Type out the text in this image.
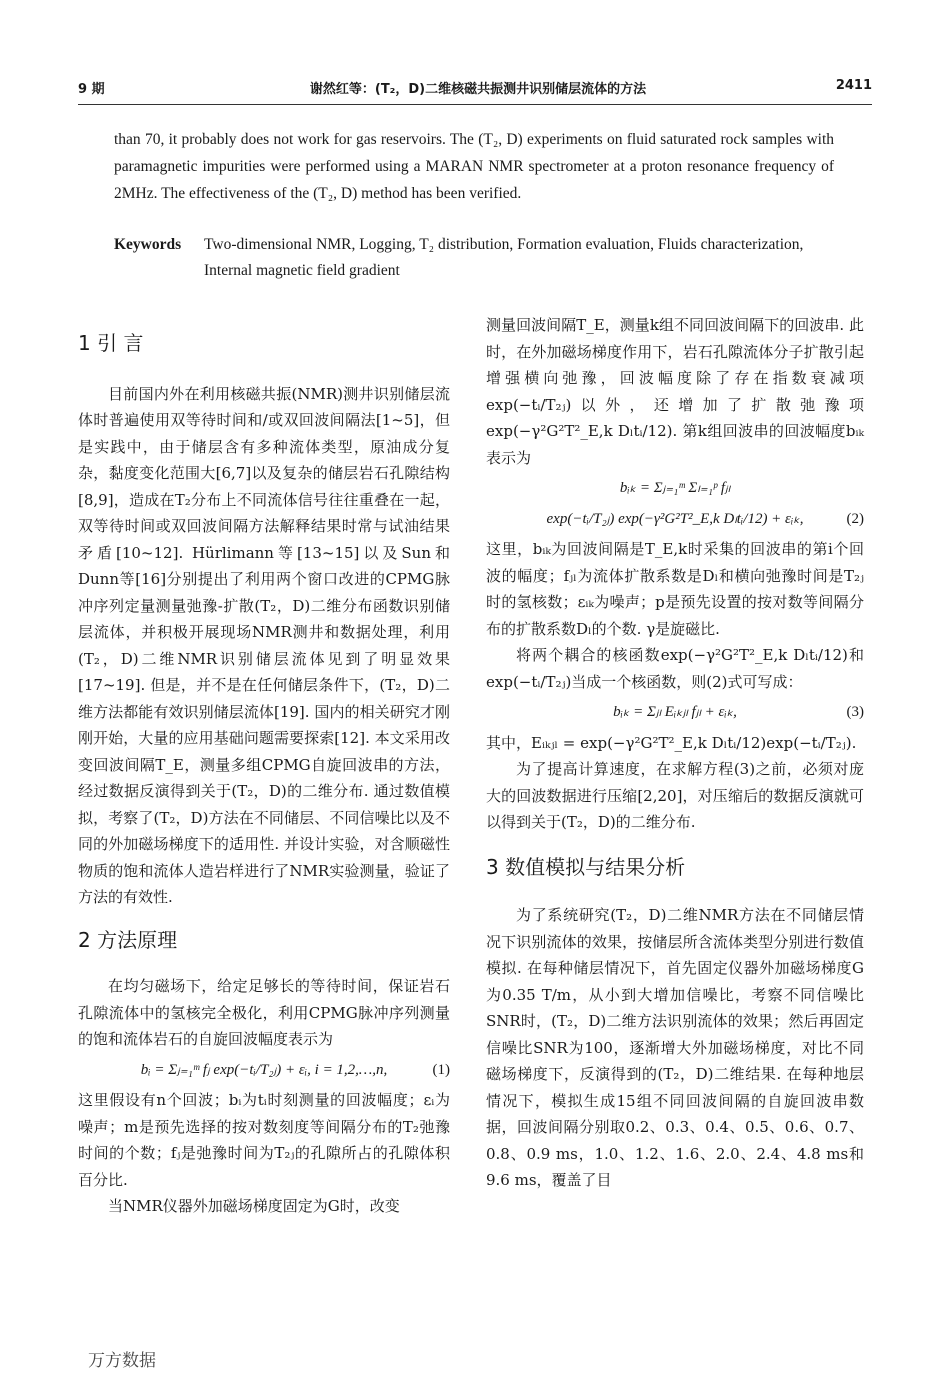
9 期	谢然红等：(T₂，D)二维核磁共振测井识别储层流体的方法	2411

than 70, it probably does not work for gas reservoirs. The (T₂, D) experiments on fluid saturated rock samples with paramagnetic impurities were performed using a MARAN NMR spectrometer at a proton resonance frequency of 2MHz. The effectiveness of the (T₂, D) method has been verified.

Keywords Two-dimensional NMR, Logging, T₂ distribution, Formation evaluation, Fluids characterization, Internal magnetic field gradient
1 引 言

目前国内外在利用核磁共振(NMR)测井识别储层流体时普遍使用双等待时间和/或双回波间隔法[1~5]，但是实践中，由于储层含有多种流体类型，原油成分复杂，黏度变化范围大[6,7]以及复杂的储层岩石孔隙结构[8,9]，造成在T₂分布上不同流体信号往往重叠在一起，双等待时间或双回波间隔方法解释结果时常与试油结果矛盾[10~12]. Hürlimann等[13~15]以及Sun和Dunn等[16]分别提出了利用两个窗口改进的CPMG脉冲序列定量测量弛豫-扩散(T₂，D)二维分布函数识别储层流体，并积极开展现场NMR测井和数据处理，利用(T₂，D)二维NMR识别储层流体见到了明显效果[17~19]. 但是，并不是在任何储层条件下，(T₂，D)二维方法都能有效识别储层流体[19]. 国内的相关研究才刚刚开始，大量的应用基础问题需要探索[12]. 本文采用改变回波间隔T_E，测量多组CPMG自旋回波串的方法，经过数据反演得到关于(T₂，D)的二维分布. 通过数值模拟，考察了(T₂，D)方法在不同储层、不同信噪比以及不同的外加磁场梯度下的适用性. 并设计实验，对含顺磁性物质的饱和流体人造岩样进行了NMR实验测量，验证了方法的有效性.

2 方法原理

在均匀磁场下，给定足够长的等待时间，保证岩石孔隙流体中的氢核完全极化，利用CPMG脉冲序列测量的饱和流体岩石的自旋回波幅度表示为

bᵢ = Σⱼ₌₁ᵐ fⱼ exp(−tᵢ/T₂ⱼ) + εᵢ, i = 1,2,…,n,	(1)

这里假设有n个回波；bᵢ为tᵢ时刻测量的回波幅度；εᵢ为噪声；m是预先选择的按对数刻度等间隔分布的T₂弛豫时间的个数；fⱼ是弛豫时间为T₂ⱼ的孔隙所占的孔隙体积百分比.

当NMR仪器外加磁场梯度固定为G时，改变

测量回波间隔T_E，测量k组不同回波间隔下的回波串. 此时，在外加磁场梯度作用下，岩石孔隙流体分子扩散引起增强横向弛豫，回波幅度除了存在指数衰减项exp(−tᵢ/T₂ⱼ)以外，还增加了扩散弛豫项exp(−γ²G²T²_E,k Dₗtᵢ/12). 第k组回波串的回波幅度bᵢₖ表示为

bᵢₖ = Σⱼ₌₁ᵐ Σₗ₌₁ᵖ fⱼₗ
exp(−tᵢ/T₂ⱼ) exp(−γ²G²T²_E,k Dₗtᵢ/12) + εᵢₖ,	(2)

这里，bᵢₖ为回波间隔是T_E,k时采集的回波串的第i个回波的幅度；fⱼₗ为流体扩散系数是Dₗ和横向弛豫时间是T₂ⱼ时的氢核数；εᵢₖ为噪声；p是预先设置的按对数等间隔分布的扩散系数Dₗ的个数. γ是旋磁比.

将两个耦合的核函数exp(−γ²G²T²_E,k Dₗtᵢ/12)和exp(−tᵢ/T₂ⱼ)当成一个核函数，则(2)式可写成：

bᵢₖ = Σⱼₗ Eᵢₖⱼₗ fⱼₗ + εᵢₖ,	(3)

其中，Eᵢₖⱼₗ = exp(−γ²G²T²_E,k Dₗtᵢ/12)exp(−tᵢ/T₂ⱼ).

为了提高计算速度，在求解方程(3)之前，必须对庞大的回波数据进行压缩[2,20]，对压缩后的数据反演就可以得到关于(T₂，D)的二维分布.

3 数值模拟与结果分析

为了系统研究(T₂，D)二维NMR方法在不同储层情况下识别流体的效果，按储层所含流体类型分别进行数值模拟. 在每种储层情况下，首先固定仪器外加磁场梯度G为0.35 T/m，从小到大增加信噪比，考察不同信噪比SNR时，(T₂，D)二维方法识别流体的效果；然后再固定信噪比SNR为100，逐渐增大外加磁场梯度，对比不同磁场梯度下，反演得到的(T₂，D)二维结果. 在每种地层情况下，模拟生成15组不同回波间隔的自旋回波串数据，回波间隔分别取0.2、0.3、0.4、0.5、0.6、0.7、0.8、0.9 ms，1.0、1.2、1.6、2.0、2.4、4.8 ms和9.6 ms，覆盖了目

万方数据
